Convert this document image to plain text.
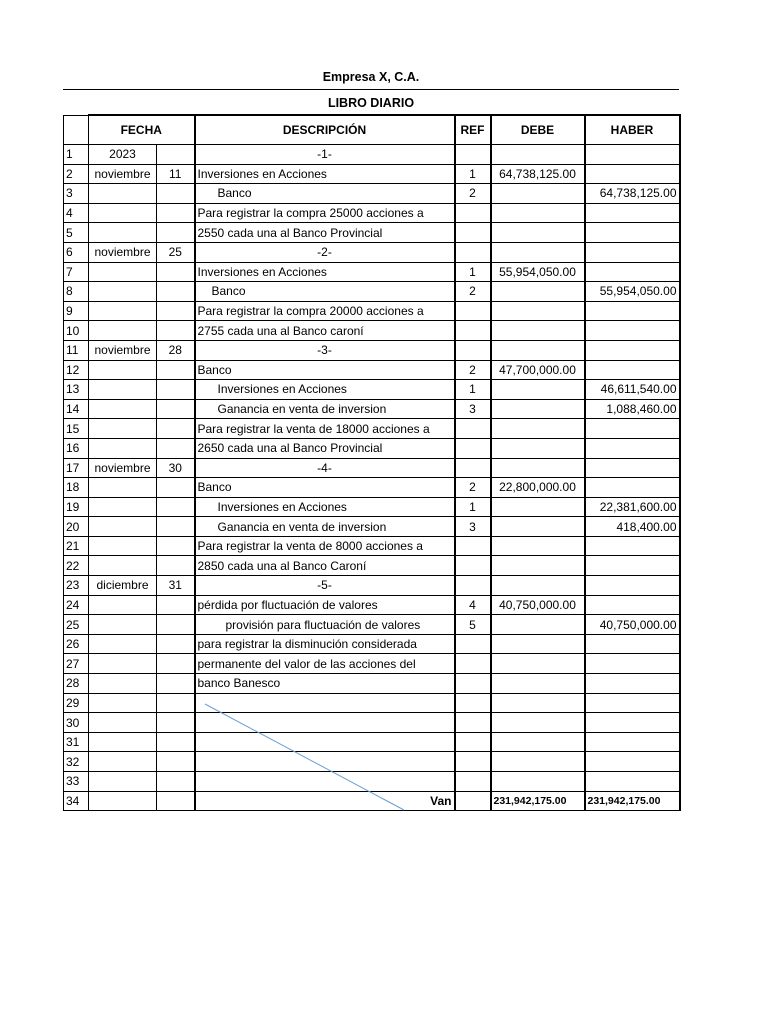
Empresa X, C.A.
LIBRO DIARIO
	FECHA		DESCRIPCIÓN	REF	DEBE	HABER
1	2023		-1-			
2	noviembre	11	Inversiones en Acciones	1	64,738,125.00	
3			Banco	2		64,738,125.00
4			Para registrar la compra 25000 acciones a			
5			2550 cada una al Banco Provincial			
6	noviembre	25	-2-			
7			Inversiones en Acciones	1	55,954,050.00	
8			Banco	2		55,954,050.00
9			Para registrar la compra 20000 acciones a			
10			2755 cada una al Banco caroní			
11	noviembre	28	-3-			
12			Banco	2	47,700,000.00	
13			Inversiones en Acciones	1		46,611,540.00
14			Ganancia en venta de inversion	3		1,088,460.00
15			Para registrar la venta de 18000 acciones a			
16			2650 cada una al Banco Provincial			
17	noviembre	30	-4-			
18			Banco	2	22,800,000.00	
19			Inversiones en Acciones	1		22,381,600.00
20			Ganancia en venta de inversion	3		418,400.00
21			Para registrar la venta de 8000 acciones a			
22			2850 cada una al Banco Caroní			
23	diciembre	31	-5-			
24			pérdida por fluctuación de valores	4	40,750,000.00	
25			provisión para fluctuación de valores	5		40,750,000.00
26			para registrar la disminución considerada			
27			permanente del valor de las acciones del			
28			banco Banesco			
29						
30						
31						
32						
33						
34			Van		231,942,175.00	231,942,175.00
